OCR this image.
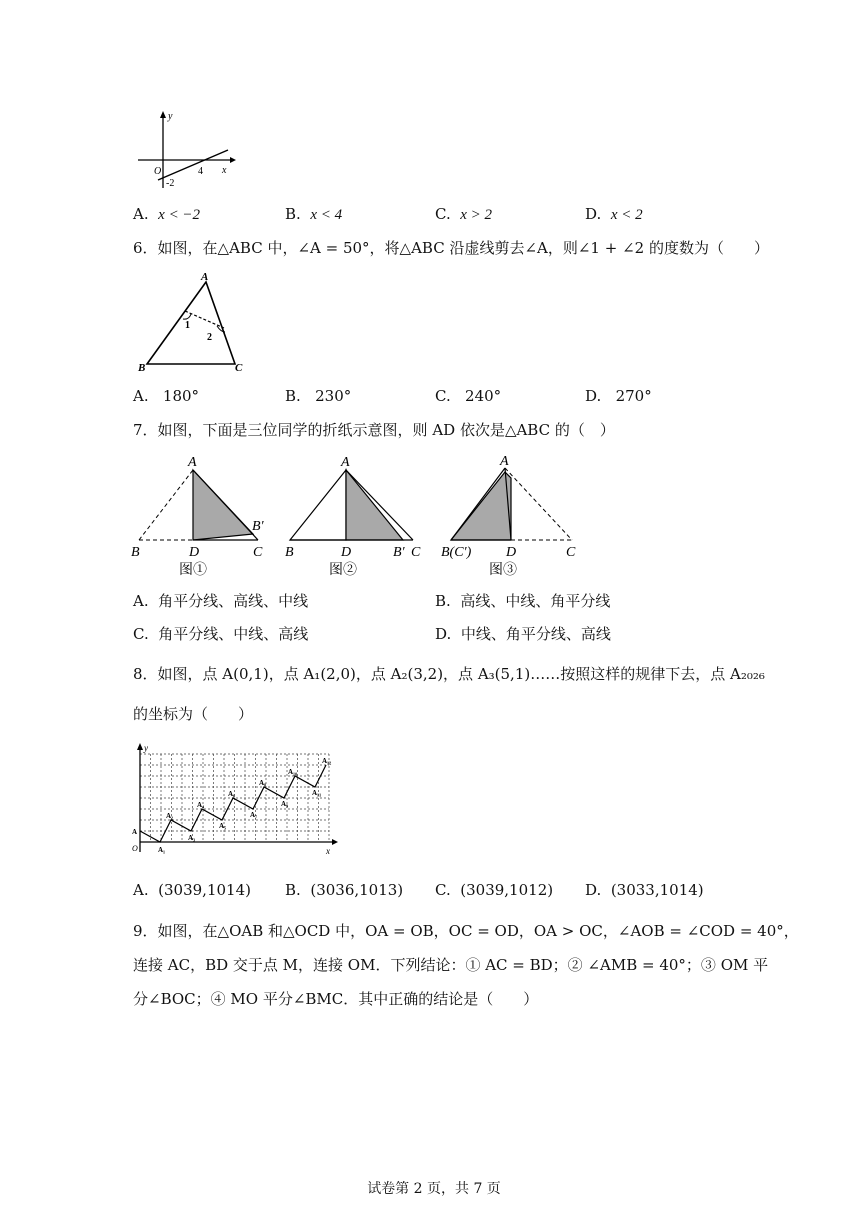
y
x
O
-2
4
A. x < −2	B. x < 4	C. x > 2	D. x < 2
6．如图，在△ABC 中，∠A = 50°，将△ABC 沿虚线剪去∠A，则∠1 + ∠2 的度数为（　　）
A
B	C
1
2
A. 180°	B. 230°	C. 240°	D. 270°
7．如图，下面是三位同学的折纸示意图，则 AD 依次是△ABC 的（　）
A
B	D	C
B′
图①
A
B	D	B′ C
图②
A
B(C′) D	C
图③
A. 角平分线、高线、中线	B. 高线、中线、角平分线
C. 角平分线、中线、高线	D. 中线、角平分线、高线
8．如图，点 A(0,1)，点 A₁(2,0)，点 A₂(3,2)，点 A₃(5,1)……按照这样的规律下去，点 A₂₀₂₆
的坐标为（　　）
y
x
O
A
A₁
A₂
A₃
A₄
A₅
A₆
A₇
A₈
A₉
A₁₀
A₁₁
A₁₂
A. (3039,1014) B. (3036,1013) C. (3039,1012) D. (3033,1014)
9．如图，在△OAB 和△OCD 中，OA = OB，OC = OD，OA > OC，∠AOB = ∠COD = 40°，
连接 AC，BD 交于点 M，连接 OM．下列结论：① AC = BD；② ∠AMB = 40°；③ OM 平
分∠BOC；④ MO 平分∠BMC．其中正确的结论是（　　）
试卷第 2 页，共 7 页
